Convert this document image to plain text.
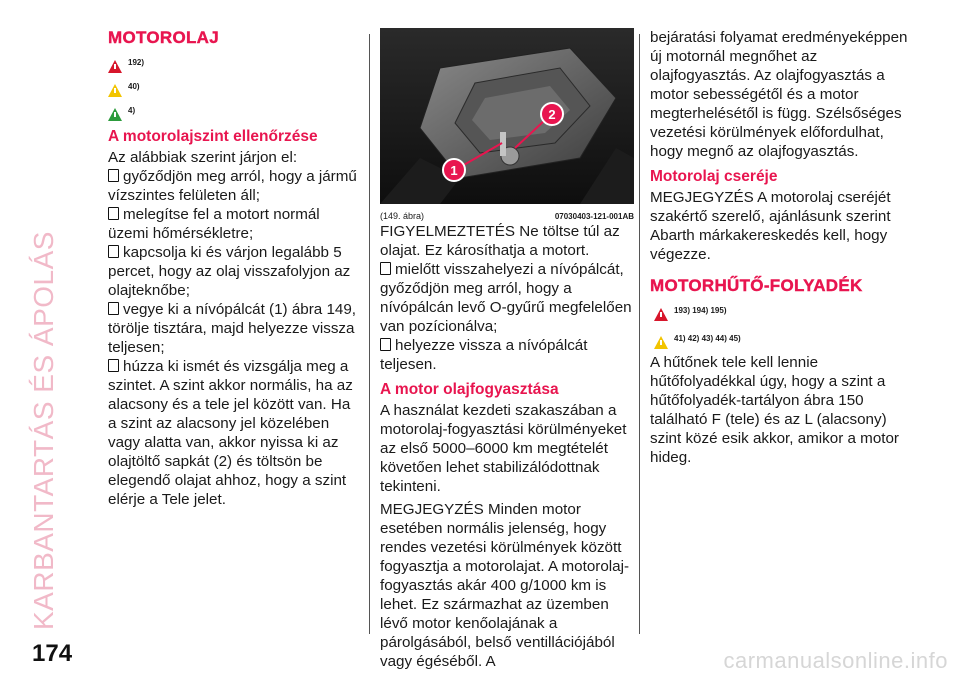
KARBANTARTÁS ÉS ÁPOLÁS
MOTOROLAJ
192)
40)
4)
A motorolajszint ellenőrzése

Az alábbiak szerint járjon el:

győződjön meg arról, hogy a jármű vízszintes felületen áll;

melegítse fel a motort normál üzemi hőmérsékletre;

kapcsolja ki és várjon legalább 5 percet, hogy az olaj visszafolyjon az olajteknőbe;

vegye ki a nívópálcát (1) ábra 149, törölje tisztára, majd helyezze vissza teljesen;

húzza ki ismét és vizsgálja meg a szintet. A szint akkor normális, ha az alacsony és a tele jel között van. Ha a szint az alacsony jel közelében vagy alatta van, akkor nyissa ki az olajtöltő sapkát (2) és töltsön be elegendő olajat ahhoz, hogy a szint elérje a Tele jelet.

1
2
(149. ábra)	07030403-121-001AB

FIGYELMEZTETÉS Ne töltse túl az olajat. Ez károsíthatja a motort.

mielőtt visszahelyezi a nívópálcát, győződjön meg arról, hogy a nívópálcán levő O-gyűrű megfelelően van pozícionálva;

helyezze vissza a nívópálcát teljesen.

A motor olajfogyasztása

A használat kezdeti szakaszában a motorolaj-fogyasztási körülményeket az első 5000–6000 km megtételét követően lehet stabilizálódottnak tekinteni.

MEGJEGYZÉS Minden motor esetében normális jelenség, hogy rendes vezetési körülmények között fogyasztja a motorolajat. A motorolaj-fogyasztás akár 400 g/1000 km is lehet. Ez származhat az üzemben lévő motor kenőolajának a párolgásából, belső ventillációjából vagy égéséből. A

bejáratási folyamat eredményeképpen új motornál megnőhet az olajfogyasztás. Az olajfogyasztás a motor sebességétől és a motor megterhelésétől is függ. Szélsőséges vezetési körülmények előfordulhat, hogy megnő az olajfogyasztás.

Motorolaj cseréje

MEGJEGYZÉS A motorolaj cseréjét szakértő szerelő, ajánlásunk szerint Abarth márkakereskedés kell, hogy végezze.

MOTORHŰTŐ-FOLYADÉK
193) 194) 195)
41) 42) 43) 44) 45)

A hűtőnek tele kell lennie hűtőfolyadékkal úgy, hogy a szint a hűtőfolyadék-tartályon ábra 150 található F (tele) és az L (alacsony) szint közé esik akkor, amikor a motor hideg.

174	carmanualsonline.info
